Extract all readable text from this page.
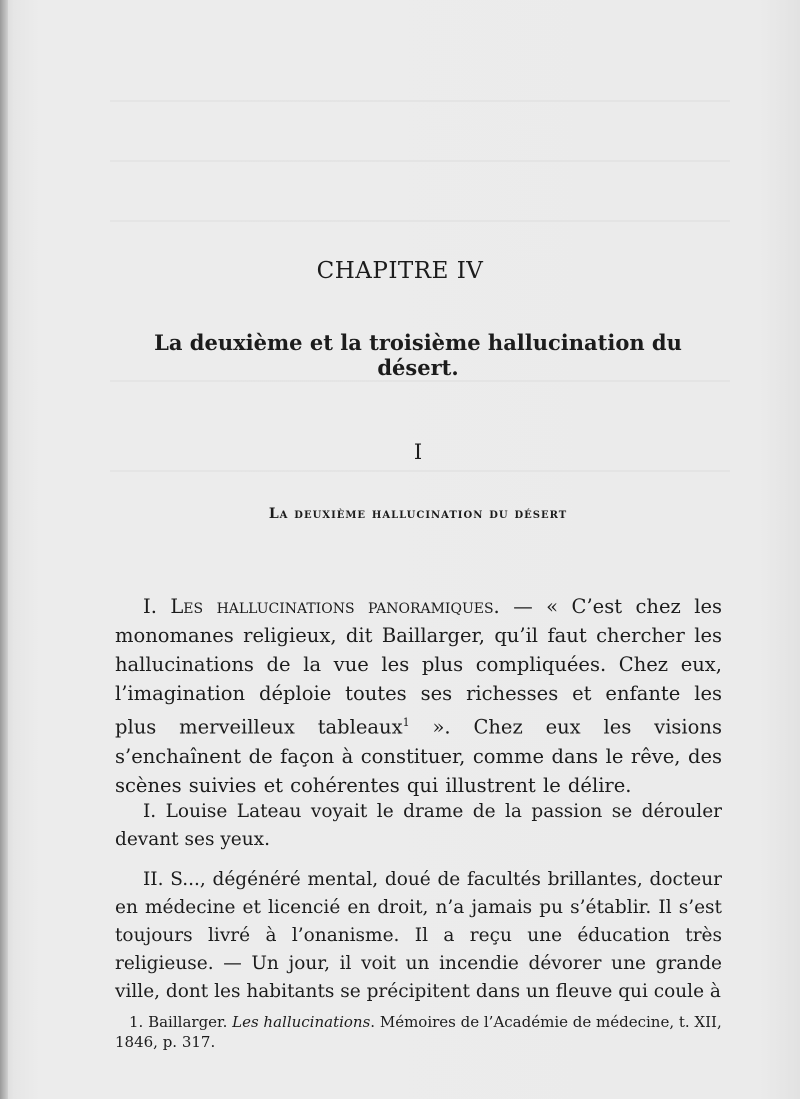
CHAPITRE IV
La deuxième et la troisième hallucination du désert.
I
La deuxième hallucination du désert

I. Les hallucinations panoramiques. — « C’est chez les monomanes religieux, dit Baillarger, qu’il faut chercher les hallucinations de la vue les plus compliquées. Chez eux, l’imagination déploie toutes ses richesses et enfante les plus merveilleux tableaux$^1$ ». Chez eux les visions s’enchaînent de façon à constituer, comme dans le rêve, des scènes suivies et cohérentes qui illustrent le délire.

I. Louise Lateau voyait le drame de la passion se dérouler devant ses yeux.

II. S..., dégénéré mental, doué de facultés brillantes, docteur en médecine et licencié en droit, n’a jamais pu s’établir. Il s’est toujours livré à l’onanisme. Il a reçu une éducation très religieuse. — Un jour, il voit un incendie dévorer une grande ville, dont les habitants se précipitent dans un fleuve qui coule à

1. Baillarger. Les hallucinations. Mémoires de l’Académie de médecine, t. XII, 1846, p. 317.
